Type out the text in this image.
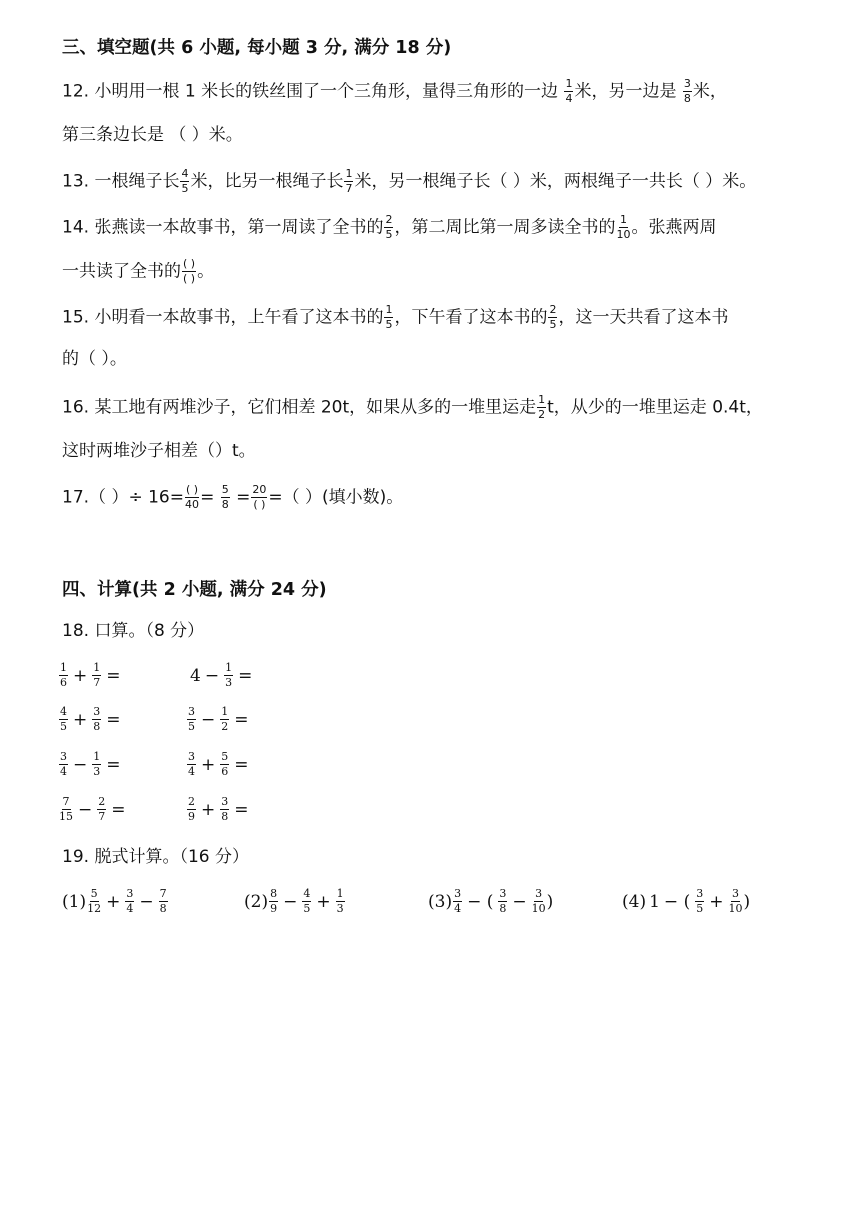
三、填空题(共 6 小题, 每小题 3 分, 满分 18 分)
12. 小明用一根 1 米长的铁丝围了一个三角形，量得三角形的一边 $\frac{1}{4}$ 米，另一边是 $\frac{3}{8}$ 米，
第三条边长是 （ ）米。
13. 一根绳子长 $\frac{4}{5}$ 米，比另一根绳子长 $\frac{1}{7}$ 米，另一根绳子长（ ）米，两根绳子一共长（ ）米。
14. 张燕读一本故事书，第一周读了全书的 $\frac{2}{5}$ ，第二周比第一周多读全书的 $\frac{1}{10}$ 。张燕两周
一共读了全书的 $\frac{( )}{( )}$ 。
15. 小明看一本故事书，上午看了这本书的 $\frac{1}{5}$ ，下午看了这本书的 $\frac{2}{5}$ ，这一天共看了这本书
的（ ）。
16. 某工地有两堆沙子，它们相差 20t，如果从多的一堆里运走 $\frac{1}{2}$ t，从少的一堆里运走 0.4t，
这时两堆沙子相差（）t。
17.（ ）÷ $16= \frac{( )}{40} = \frac{5}{8} = \frac{20}{( )}$ =（ ）(填小数)。
四、计算(共 2 小题, 满分 24 分)
18. 口算。（8 分）
$\frac{1}{6} + \frac{1}{7}$ =	$4 - \frac{1}{3}$ =
$\frac{4}{5} + \frac{3}{8}$ =	$\frac{3}{5} - \frac{1}{2}$ =
$\frac{3}{4} - \frac{1}{3}$ =	$\frac{3}{4} + \frac{5}{6}$ =
$\frac{7}{15} - \frac{2}{7}$ =	$\frac{2}{9} + \frac{3}{8}$ =
19. 脱式计算。（16 分）
$(1) \frac{5}{12} + \frac{3}{4} - \frac{7}{8}$	$(2) \frac{8}{9} - \frac{4}{5} + \frac{1}{3}$	$(3) \frac{3}{4}$ − ( $\frac{3}{8} - \frac{3}{10}$ )	(4) 1 − ( $\frac{3}{5} + \frac{3}{10}$ )
